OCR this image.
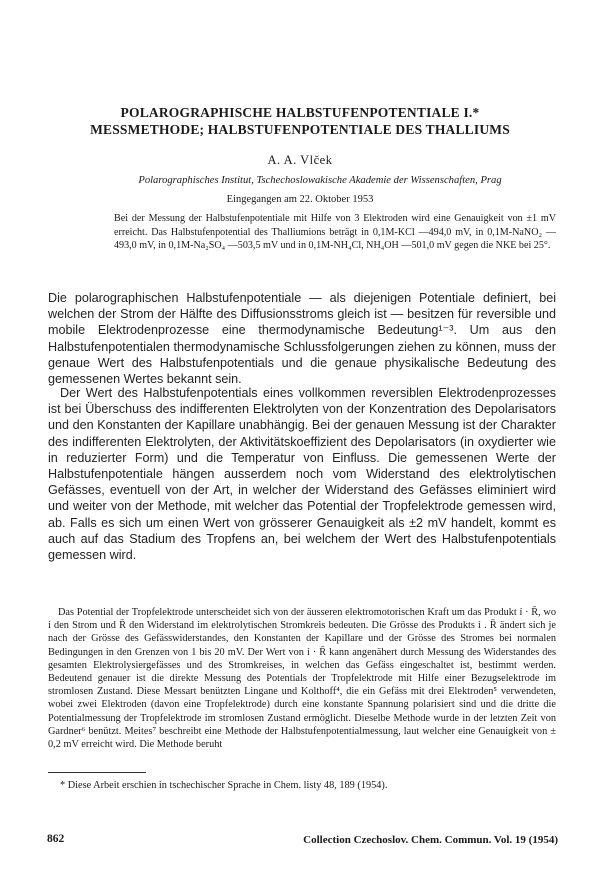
POLAROGRAPHISCHE HALBSTUFENPOTENTIALE I.*
MESSMETHODE; HALBSTUFENPOTENTIALE DES THALLIUMS
A. A. Vlček
Polarographisches Institut, Tschechoslowakische Akademie der Wissenschaften, Prag
Eingegangen am 22. Oktober 1953
Bei der Messung der Halbstufenpotentiale mit Hilfe von 3 Elektroden wird eine Genauigkeit von ±1 mV erreicht. Das Halbstufenpotential des Thalliumions beträgt in 0,1M-KCl —494,0 mV, in 0,1M-NaNO₂ —493,0 mV, in 0,1M-Na₂SO₄ —503,5 mV und in 0,1M-NH₄Cl, NH₄OH —501,0 mV gegen die NKE bei 25°.
Die polarographischen Halbstufenpotentiale — als diejenigen Potentiale definiert, bei welchen der Strom der Hälfte des Diffusionsstroms gleich ist — besitzen für reversible und mobile Elektrodenprozesse eine thermodynamische Bedeutung¹⁻³. Um aus den Halbstufenpotentialen thermodynamische Schlussfolgerungen ziehen zu können, muss der genaue Wert des Halbstufenpotentials und die genaue physikalische Bedeutung des gemessenen Wertes bekannt sein.
Der Wert des Halbstufenpotentials eines vollkommen reversiblen Elektrodenprozesses ist bei Überschuss des indifferenten Elektrolyten von der Konzentration des Depolarisators und den Konstanten der Kapillare unabhängig. Bei der genauen Messung ist der Charakter des indifferenten Elektrolyten, der Aktivitätskoeffizient des Depolarisators (in oxydierter wie in reduzierter Form) und die Temperatur von Einfluss. Die gemessenen Werte der Halbstufenpotentiale hängen ausserdem noch vom Widerstand des elektrolytischen Gefässes, eventuell von der Art, in welcher der Widerstand des Gefässes eliminiert wird und weiter von der Methode, mit welcher das Potential der Tropfelektrode gemessen wird, ab. Falls es sich um einen Wert von grösserer Genauigkeit als ±2 mV handelt, kommt es auch auf das Stadium des Tropfens an, bei welchem der Wert des Halbstufenpotentials gemessen wird.
Das Potential der Tropfelektrode unterscheidet sich von der äusseren elektromotorischen Kraft um das Produkt ỉ · R̄, wo ỉ den Strom und R̄ den Widerstand im elektrolytischen Stromkreis bedeuten. Die Grösse des Produkts ỉ . R̄ ändert sich je nach der Grösse des Gefässwiderstandes, den Konstanten der Kapillare und der Grösse des Stromes bei normalen Bedingungen in den Grenzen von 1 bis 20 mV. Der Wert von ỉ · R̄ kann angenähert durch Messung des Widerstandes des gesamten Elektrolysiergefässes und des Stromkreises, in welchen das Gefäss eingeschaltet ist, bestimmt werden. Bedeutend genauer ist die direkte Messung des Potentials der Tropfelektrode mit Hilfe einer Bezugselektrode im stromlosen Zustand. Diese Messart benützten Lingane und Kolthoff⁴, die ein Gefäss mit drei Elektroden⁵ verwendeten, wobei zwei Elektroden (davon eine Tropfelektrode) durch eine konstante Spannung polarisiert sind und die dritte die Potentialmessung der Tropfelektrode im stromlosen Zustand ermöglicht. Dieselbe Methode wurde in der letzten Zeit von Gardner⁶ benützt. Meites⁷ beschreibt eine Methode der Halbstufenpotentialmessung, laut welcher eine Genauigkeit von ± 0,2 mV erreicht wird. Die Methode beruht
* Diese Arbeit erschien in tschechischer Sprache in Chem. listy 48, 189 (1954).
862	Collection Czechoslov. Chem. Commun. Vol. 19 (1954)
